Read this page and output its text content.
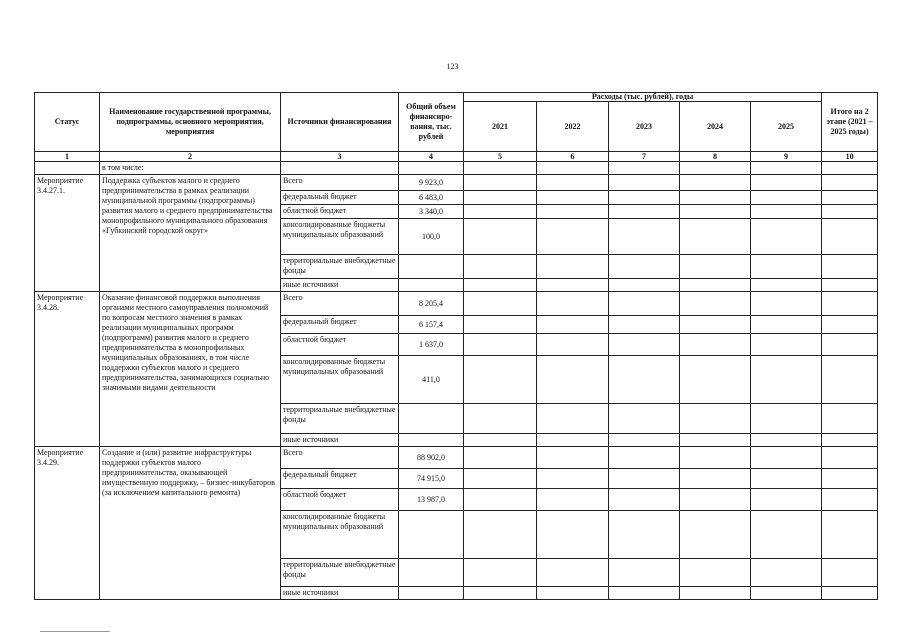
123
Статус	Наименование государственной программы, подпрограммы, основного мероприятия, мероприятия	Источники финансирования	Общий объем финансиро-вания, тыс. рублей	Расходы (тыс. рублей), годы					Итого на 2 этапе (2021 – 2025 годы)
				2021	2022	2023	2024	2025	
1	2	3	4	5	6	7	8	9	10
	в том числе:								
Мероприятие 3.4.27.1.	Поддержка субъектов малого и среднего предпринимательства в рамках реализации муниципальной программы (подпрограммы) развития малого и среднего предпринимательства монопрофильного муниципального образования «Губкинский городской округ»	Всего	9 923,0						
		федеральный бюджет	6 483,0						
		областной бюджет	3 340,0						
		консолидированные бюджеты муниципальных образований	100,0						
		территориальные внебюджетные фонды							
		иные источники							
Мероприятие 3.4.28.	Оказание финансовой поддержки выполнения органами местного самоуправления полномочий по вопросам местного значения в рамках реализации муниципальных программ (подпрограмм) развития малого и среднего предпринимательства в монопрофильных муниципальных образованиях, в том числе поддержки субъектов малого и среднего предпринимательства, занимающихся социально значимыми видами деятельности	Всего	8 205,4						
		федеральный бюджет	6 157,4						
		областной бюджет	1 637,0						
		консолидированные бюджеты муниципальных образований	411,0						
		территориальные внебюджетные фонды							
		иные источники							
Мероприятие 3.4.29.	Создание и (или) развитие инфраструктуры поддержки субъектов малого предпринимательства, оказывающей имущественную поддержку, – бизнес-инкубаторов (за исключением капитального ремонта)	Всего	88 902,0						
		федеральный бюджет	74 915,0						
		областной бюджет	13 987,0						
		консолидированные бюджеты муниципальных образований							
		территориальные внебюджетные фонды							
		иные источники							
